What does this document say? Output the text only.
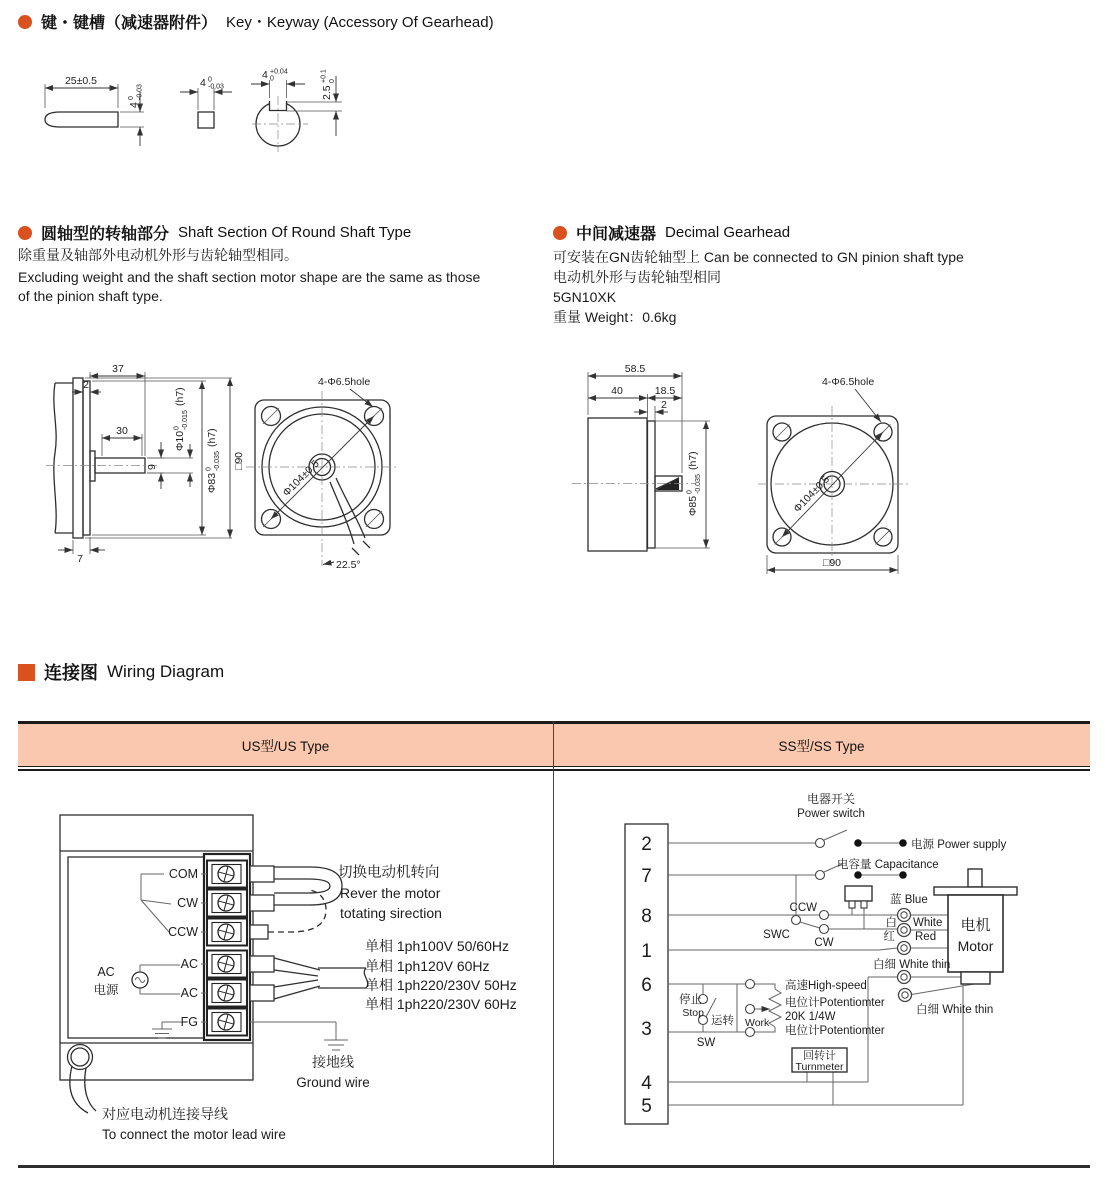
键・键槽（减速器附件） Key・Keyway (Accessory Of Gearhead)
25±0.5
4
0 -0.03
4 0
-0.03
4 +0.04
0
2.5
+0.1 0
圆轴型的转轴部分 Shaft Section Of Round Shaft Type
除重量及轴部外电动机外形与齿轮轴型相同。
Excluding weight and the shaft section motor shape are the same as those
of the pinion shaft type.
中间减速器 Decimal Gearhead
可安装在GN齿轮轴型上 Can be connected to GN pinion shaft type
电动机外形与齿轮轴型相同
5GN10XK
重量 Weight：0.6kg
37
2
30
9
Φ10
0 -0.015
(h7)
Φ83
0 -0.035
(h7)
□90
7
Φ104±0.5
4-Φ6.5hole
22.5°
58.5
40	18.5
2
Φ85
0 -0.035
(h7)
Φ104±0.5
4-Φ6.5hole
□90
连接图 Wiring Diagram
US型/US Type	SS型/SS Type
COM
CW
CCW
AC
AC
FG
AC
电源
接地线
Ground wire
对应电动机连接导线
To connect the motor lead wire
切换电动机转向
Rever the motor
totating sirection
单相 1ph100V 50/60Hz
单相 1ph120V 60Hz
单相 1ph220/230V 50Hz
单相 1ph220/230V 60Hz
2
7
8
1
6
3
4
5
电器开关
Power switch
电机
Motor
回转计
Turnmeter
电源 Power supply
电容量 Capacitance
CCW
SWC
CW
蓝 Blue
白 White
红 Red
白细 White thin
白细 White thin
停止
Stop
运转 Work
SW
高速High-speed
电位计Potentiomter
20K 1/4W
电位计Potentiomter
